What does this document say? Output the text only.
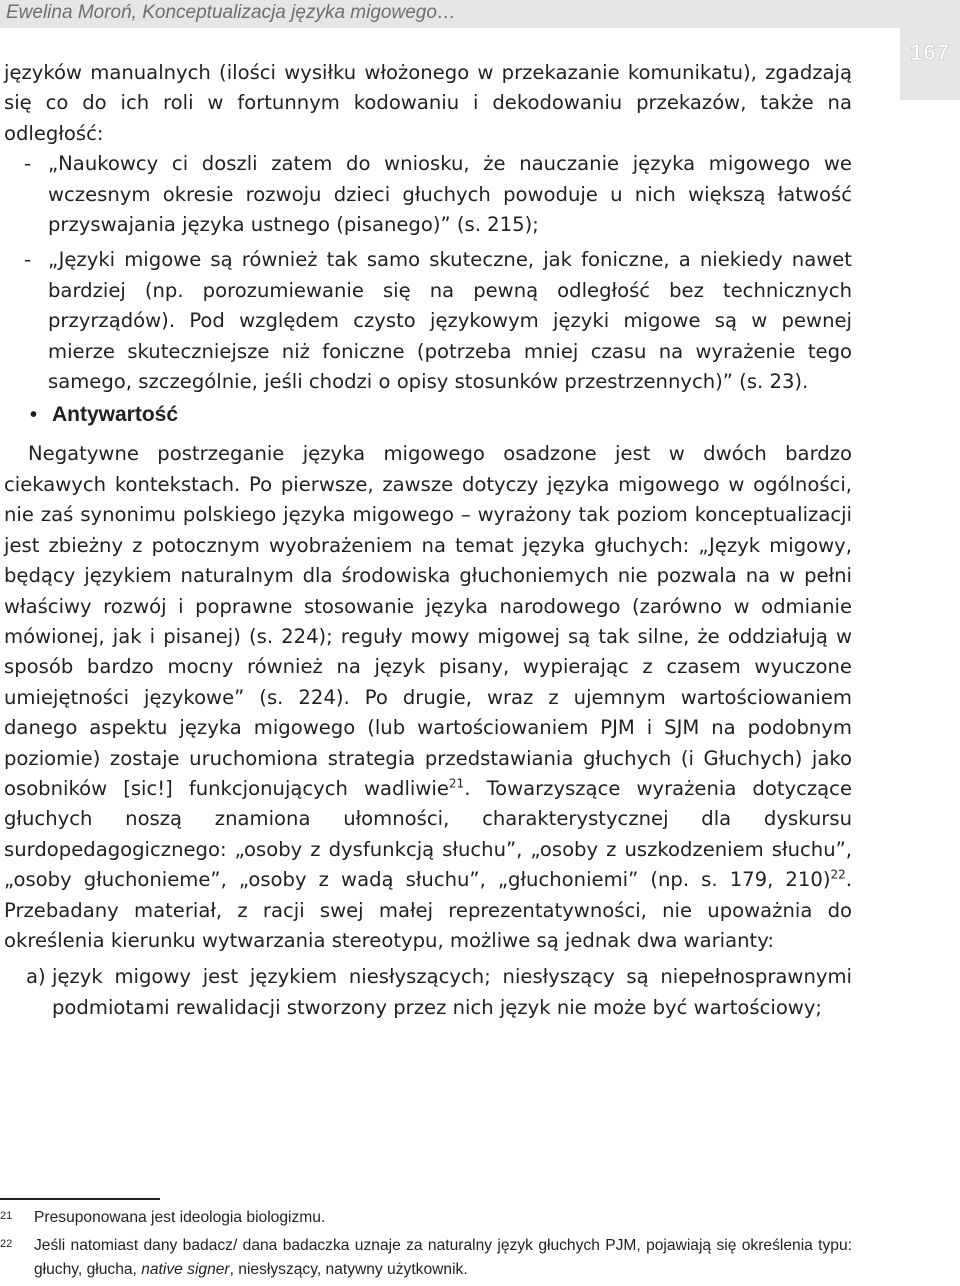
Ewelina Moroń, Konceptualizacja języka migowego…
167

języków manualnych (ilości wysiłku włożonego w przekazanie komunikatu), zgadzają się co do ich roli w fortunnym kodowaniu i dekodowaniu przekazów, także na odległość:

- „Naukowcy ci doszli zatem do wniosku, że nauczanie języka migowego we wczesnym okresie rozwoju dzieci głuchych powoduje u nich większą łatwość przyswajania języka ustnego (pisanego)” (s. 215);
- „Języki migowe są również tak samo skuteczne, jak foniczne, a niekiedy nawet bardziej (np. porozumiewanie się na pewną odległość bez technicznych przyrządów). Pod względem czysto językowym języki migowe są w pewnej mierze skuteczniejsze niż foniczne (potrzeba mniej czasu na wyrażenie tego samego, szczególnie, jeśli chodzi o opisy stosunków przestrzennych)” (s. 23).
• Antywartość

Negatywne postrzeganie języka migowego osadzone jest w dwóch bardzo ciekawych kontekstach. Po pierwsze, zawsze dotyczy języka migowego w ogólności, nie zaś synonimu polskiego języka migowego – wyrażony tak poziom konceptualizacji jest zbieżny z potocznym wyobrażeniem na temat języka głuchych: „Język migowy, będący językiem naturalnym dla środowiska głuchoniemych nie pozwala na w pełni właściwy rozwój i poprawne stosowanie języka narodowego (zarówno w odmianie mówionej, jak i pisanej) (s. 224); reguły mowy migowej są tak silne, że oddziałują w sposób bardzo mocny również na język pisany, wypierając z czasem wyuczone umiejętności językowe” (s. 224). Po drugie, wraz z ujemnym wartościowaniem danego aspektu języka migowego (lub wartościowaniem PJM i SJM na podobnym poziomie) zostaje uruchomiona strategia przedstawiania głuchych (i Głuchych) jako osobników [sic!] funkcjonujących wadliwie$^{21}$. Towarzyszące wyrażenia dotyczące głuchych noszą znamiona ułomności, charakterystycznej dla dyskursu surdopedagogicznego: „osoby z dysfunkcją słuchu”, „osoby z uszkodzeniem słuchu”, „osoby głuchonieme”, „osoby z wadą słuchu”, „głuchoniemi” (np. s. 179, 210)$^{22}$. Przebadany materiał, z racji swej małej reprezentatywności, nie upoważnia do określenia kierunku wytwarzania stereotypu, możliwe są jednak dwa warianty:

a) język migowy jest językiem niesłyszących; niesłyszący są niepełnosprawnymi podmiotami rewalidacji stworzony przez nich język nie może być wartościowy;
21 Presuponowana jest ideologia biologizmu.
22 Jeśli natomiast dany badacz/ dana badaczka uznaje za naturalny język głuchych PJM, pojawiają się określenia typu: głuchy, głucha, native signer, niesłyszący, natywny użytkownik.
